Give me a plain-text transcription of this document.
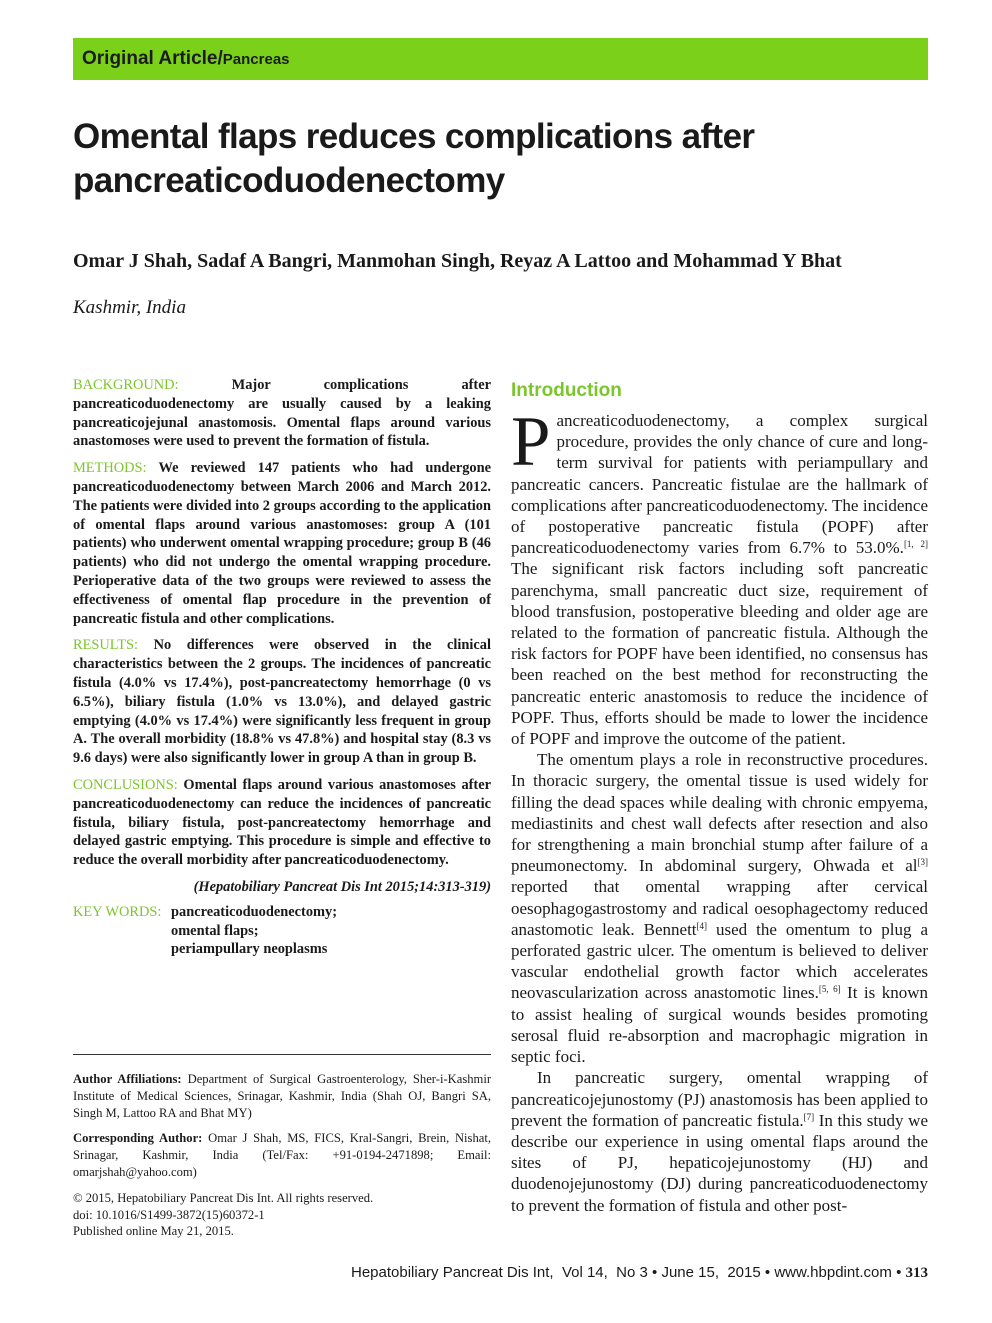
Original Article / Pancreas
Omental flaps reduces complications after pancreaticoduodenectomy
Omar J Shah, Sadaf A Bangri, Manmohan Singh, Reyaz A Lattoo and Mohammad Y Bhat
Kashmir, India

BACKGROUND:	Major complications after pancreaticoduodenectomy are usually caused by a leaking pancreaticojejunal anastomosis. Omental flaps around various anastomoses were used to prevent the formation of fistula.

METHODS: We reviewed 147 patients who had undergone pancreaticoduodenectomy between March 2006 and March 2012. The patients were divided into 2 groups according to the application of omental flaps around various anastomoses: group A (101 patients) who underwent omental wrapping procedure; group B (46 patients) who did not undergo the omental wrapping procedure. Perioperative data of the two groups were reviewed to assess the effectiveness of omental flap procedure in the prevention of pancreatic fistula and other complications.

RESULTS: No differences were observed in the clinical characteristics between the 2 groups. The incidences of pancreatic fistula (4.0% vs 17.4%), post-pancreatectomy hemorrhage (0 vs 6.5%), biliary fistula (1.0% vs 13.0%), and delayed gastric emptying (4.0% vs 17.4%) were significantly less frequent in group A. The overall morbidity (18.8% vs 47.8%) and hospital stay (8.3 vs 9.6 days) were also significantly lower in group A than in group B.

CONCLUSIONS: Omental flaps around various anastomoses after pancreaticoduodenectomy can reduce the incidences of pancreatic fistula, biliary fistula, post-pancreatectomy hemorrhage and delayed gastric emptying. This procedure is simple and effective to reduce the overall morbidity after pancreaticoduodenectomy.

(Hepatobiliary Pancreat Dis Int 2015;14:313-319)
KEY WORDS: pancreaticoduodenectomy;
omental flaps;
periampullary neoplasms

Author Affiliations: Department of Surgical Gastroenterology, Sher-i-Kashmir Institute of Medical Sciences, Srinagar, Kashmir, India (Shah OJ, Bangri SA, Singh M, Lattoo RA and Bhat MY)

Corresponding Author: Omar J Shah, MS, FICS, Kral-Sangri, Brein, Nishat, Srinagar, Kashmir, India (Tel/Fax: +91-0194-2471898; Email: omarjshah@yahoo.com)

© 2015, Hepatobiliary Pancreat Dis Int. All rights reserved.
doi: 10.1016/S1499-3872(15)60372-1
Published online May 21, 2015.
Introduction

Pancreaticoduodenectomy, a complex surgical procedure, provides the only chance of cure and long-term survival for patients with periampullary and pancreatic cancers. Pancreatic fistulae are the hallmark of complications after pancreaticoduodenectomy. The incidence of postoperative pancreatic fistula (POPF) after pancreaticoduodenectomy varies from 6.7% to 53.0%.[1, 2] The significant risk factors including soft pancreatic parenchyma, small pancreatic duct size, requirement of blood transfusion, postoperative bleeding and older age are related to the formation of pancreatic fistula. Although the risk factors for POPF have been identified, no consensus has been reached on the best method for reconstructing the pancreatic enteric anastomosis to reduce the incidence of POPF. Thus, efforts should be made to lower the incidence of POPF and improve the outcome of the patient.

The omentum plays a role in reconstructive procedures. In thoracic surgery, the omental tissue is used widely for filling the dead spaces while dealing with chronic empyema, mediastinits and chest wall defects after resection and also for strengthening a main bronchial stump after failure of a pneumonectomy. In abdominal surgery, Ohwada et al[3] reported that omental wrapping after cervical oesophagogastrostomy and radical oesophagectomy reduced anastomotic leak. Bennett[4] used the omentum to plug a perforated gastric ulcer. The omentum is believed to deliver vascular endothelial growth factor which accelerates neovascularization across anastomotic lines.[5, 6] It is known to assist healing of surgical wounds besides promoting serosal fluid re-absorption and macrophagic migration in septic foci.

In pancreatic surgery, omental wrapping of pancreaticojejunostomy (PJ) anastomosis has been applied to prevent the formation of pancreatic fistula.[7] In this study we describe our experience in using omental flaps around the sites of PJ, hepaticojejunostomy (HJ) and duodenojejunostomy (DJ) during pancreaticoduodenectomy to prevent the formation of fistula and other post-

Hepatobiliary Pancreat Dis Int, Vol 14, No 3 • June 15, 2015 • www.hbpdint.com • 313
